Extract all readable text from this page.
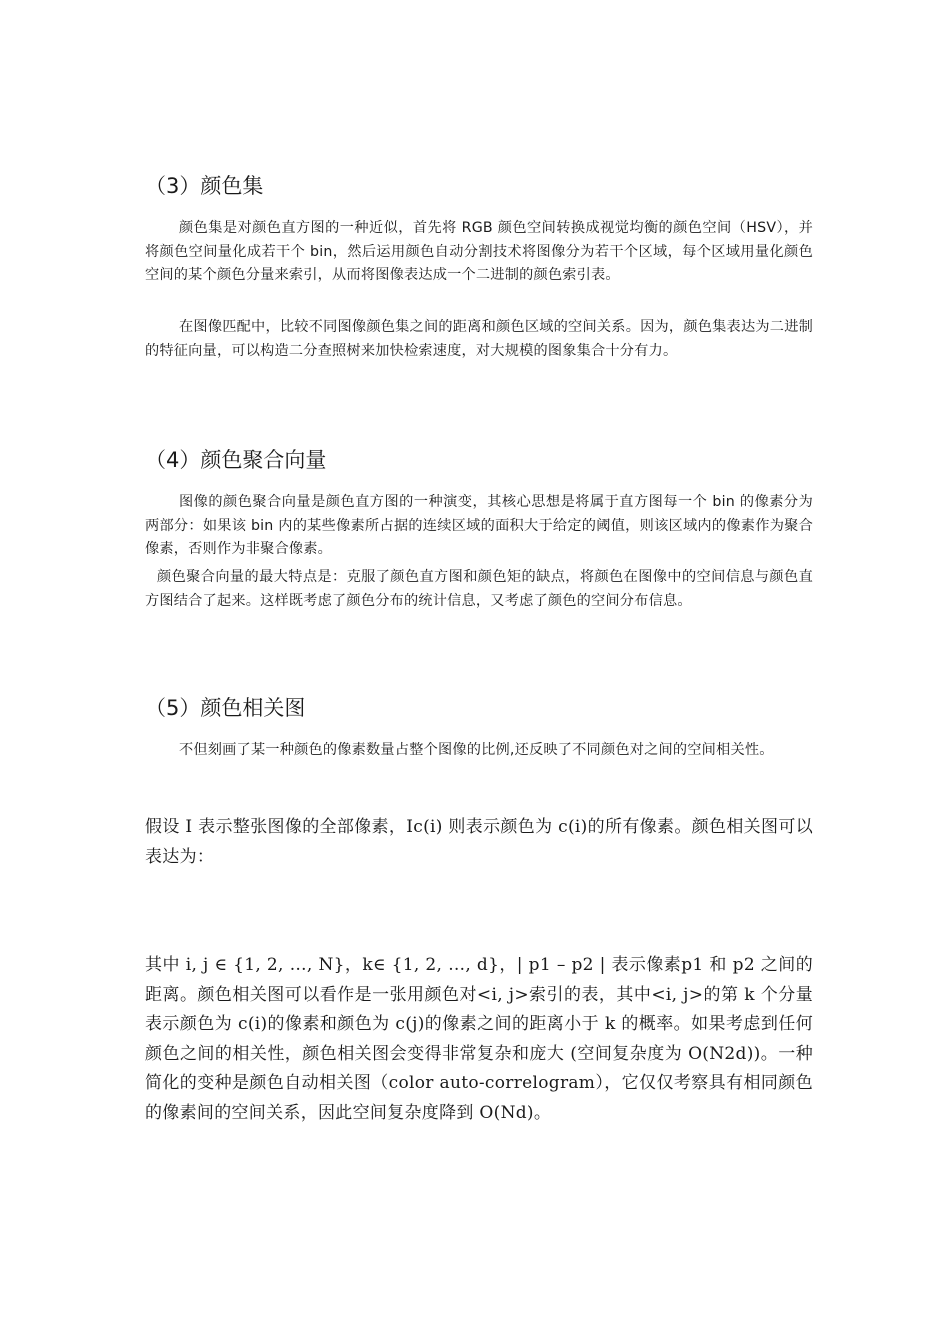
（3）颜色集

颜色集是对颜色直方图的一种近似，首先将 RGB 颜色空间转换成视觉均衡的颜色空间（HSV），并将颜色空间量化成若干个 bin，然后运用颜色自动分割技术将图像分为若干个区域，每个区域用量化颜色空间的某个颜色分量来索引，从而将图像表达成一个二进制的颜色索引表。

在图像匹配中，比较不同图像颜色集之间的距离和颜色区域的空间关系。因为，颜色集表达为二进制的特征向量，可以构造二分查照树来加快检索速度，对大规模的图象集合十分有力。

（4）颜色聚合向量

图像的颜色聚合向量是颜色直方图的一种演变，其核心思想是将属于直方图每一个 bin 的像素分为两部分：如果该 bin 内的某些像素所占据的连续区域的面积大于给定的阈值，则该区域内的像素作为聚合像素，否则作为非聚合像素。

颜色聚合向量的最大特点是：克服了颜色直方图和颜色矩的缺点，将颜色在图像中的空间信息与颜色直方图结合了起来。这样既考虑了颜色分布的统计信息，又考虑了颜色的空间分布信息。

（5）颜色相关图

不但刻画了某一种颜色的像素数量占整个图像的比例,还反映了不同颜色对之间的空间相关性。

假设 I 表示整张图像的全部像素，Ic(i) 则表示颜色为 c(i)的所有像素。颜色相关图可以表达为：

其中 i, j ∈ {1, 2, …, N}，k∈ {1, 2, …, d}，| p1 – p2 | 表示像素p1 和 p2 之间的距离。颜色相关图可以看作是一张用颜色对<i, j>索引的表，其中<i, j>的第 k 个分量表示颜色为 c(i)的像素和颜色为 c(j)的像素之间的距离小于 k 的概率。如果考虑到任何颜色之间的相关性，颜色相关图会变得非常复杂和庞大 (空间复杂度为 O(N2d))。一种简化的变种是颜色自动相关图（color auto-correlogram），它仅仅考察具有相同颜色的像素间的空间关系，因此空间复杂度降到 O(Nd)。
